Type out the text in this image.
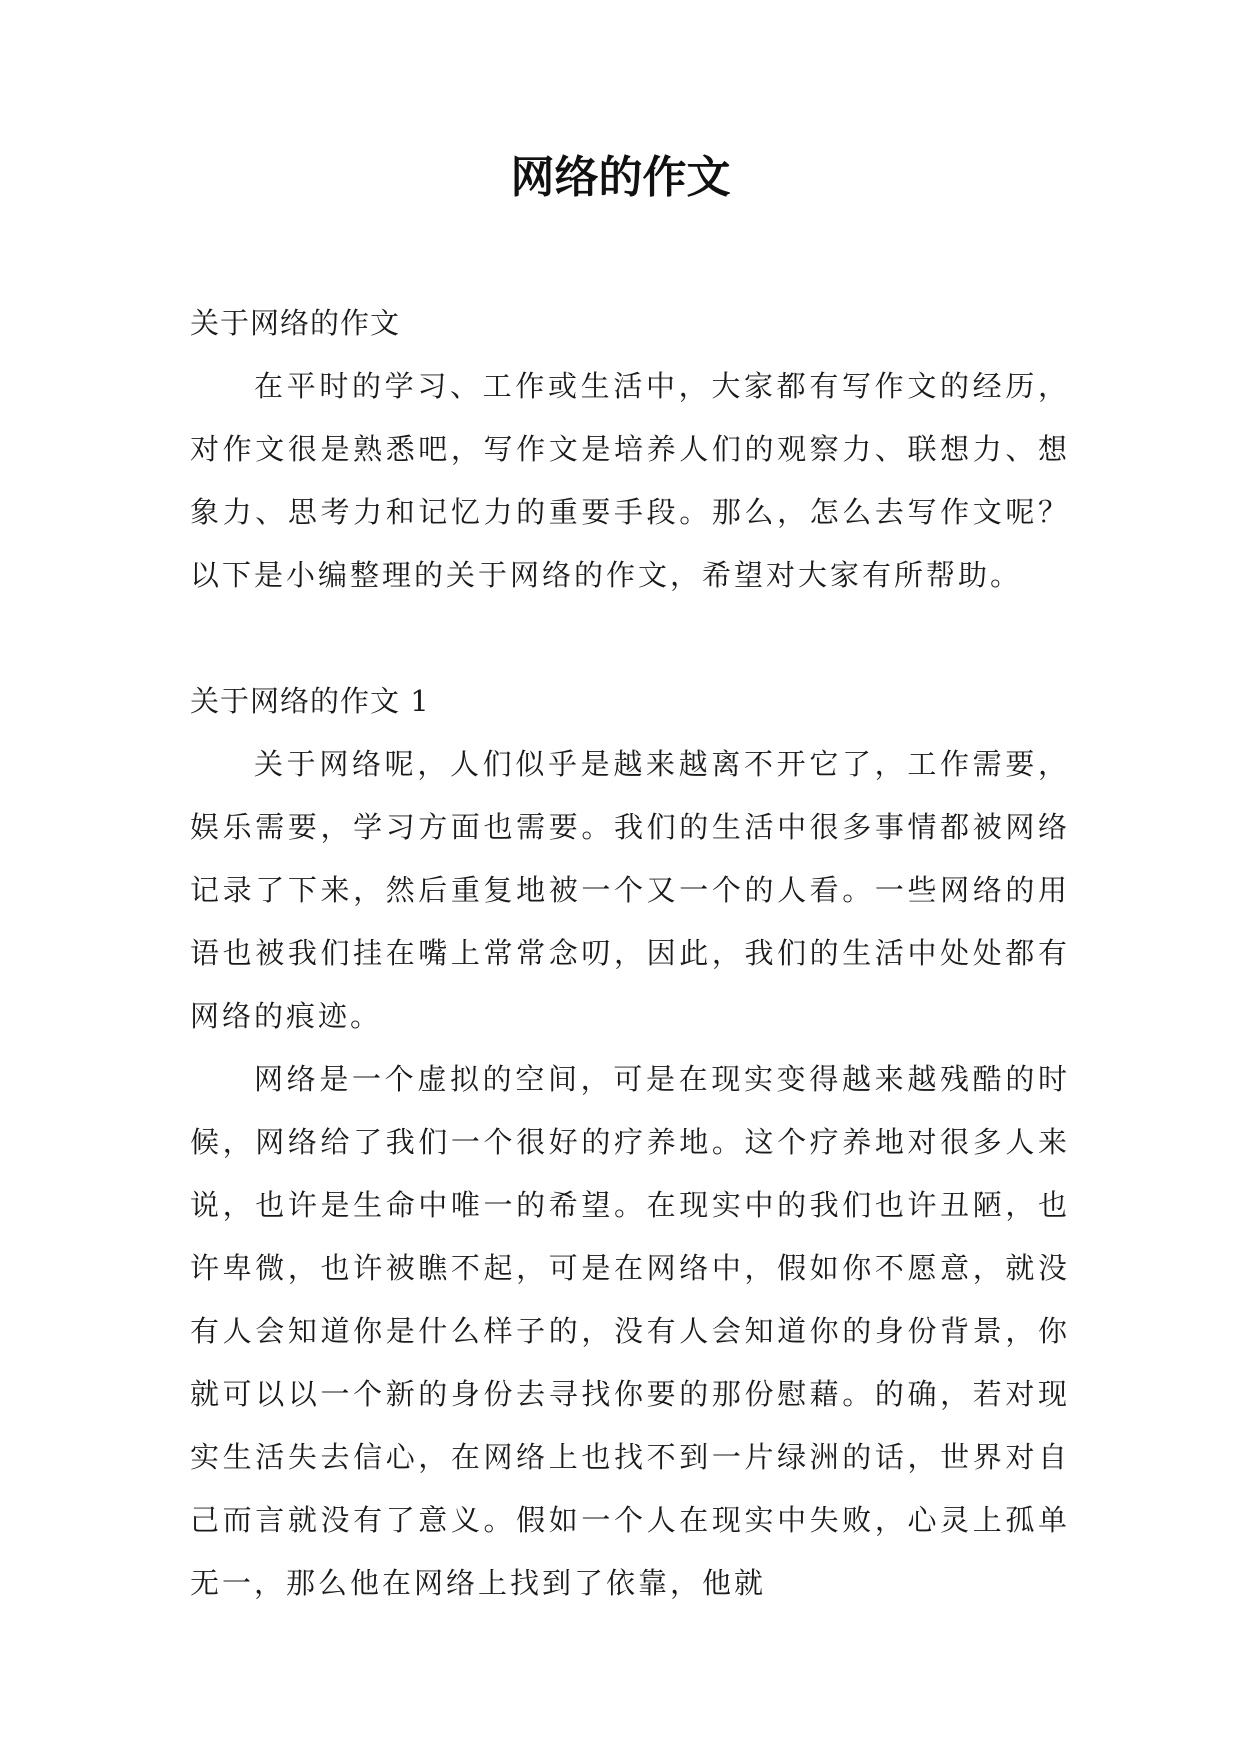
网络的作文

关于网络的作文

在平时的学习、工作或生活中，大家都有写作文的经历，对作文很是熟悉吧，写作文是培养人们的观察力、联想力、想象力、思考力和记忆力的重要手段。那么，怎么去写作文呢？以下是小编整理的关于网络的作文，希望对大家有所帮助。

关于网络的作文 1

关于网络呢，人们似乎是越来越离不开它了，工作需要，娱乐需要，学习方面也需要。我们的生活中很多事情都被网络记录了下来，然后重复地被一个又一个的人看。一些网络的用语也被我们挂在嘴上常常念叨，因此，我们的生活中处处都有网络的痕迹。

网络是一个虚拟的空间，可是在现实变得越来越残酷的时候，网络给了我们一个很好的疗养地。这个疗养地对很多人来说，也许是生命中唯一的希望。在现实中的我们也许丑陋，也许卑微，也许被瞧不起，可是在网络中，假如你不愿意，就没有人会知道你是什么样子的，没有人会知道你的身份背景，你就可以以一个新的身份去寻找你要的那份慰藉。的确，若对现实生活失去信心，在网络上也找不到一片绿洲的话，世界对自己而言就没有了意义。假如一个人在现实中失败，心灵上孤单无一，那么他在网络上找到了依靠，他就
